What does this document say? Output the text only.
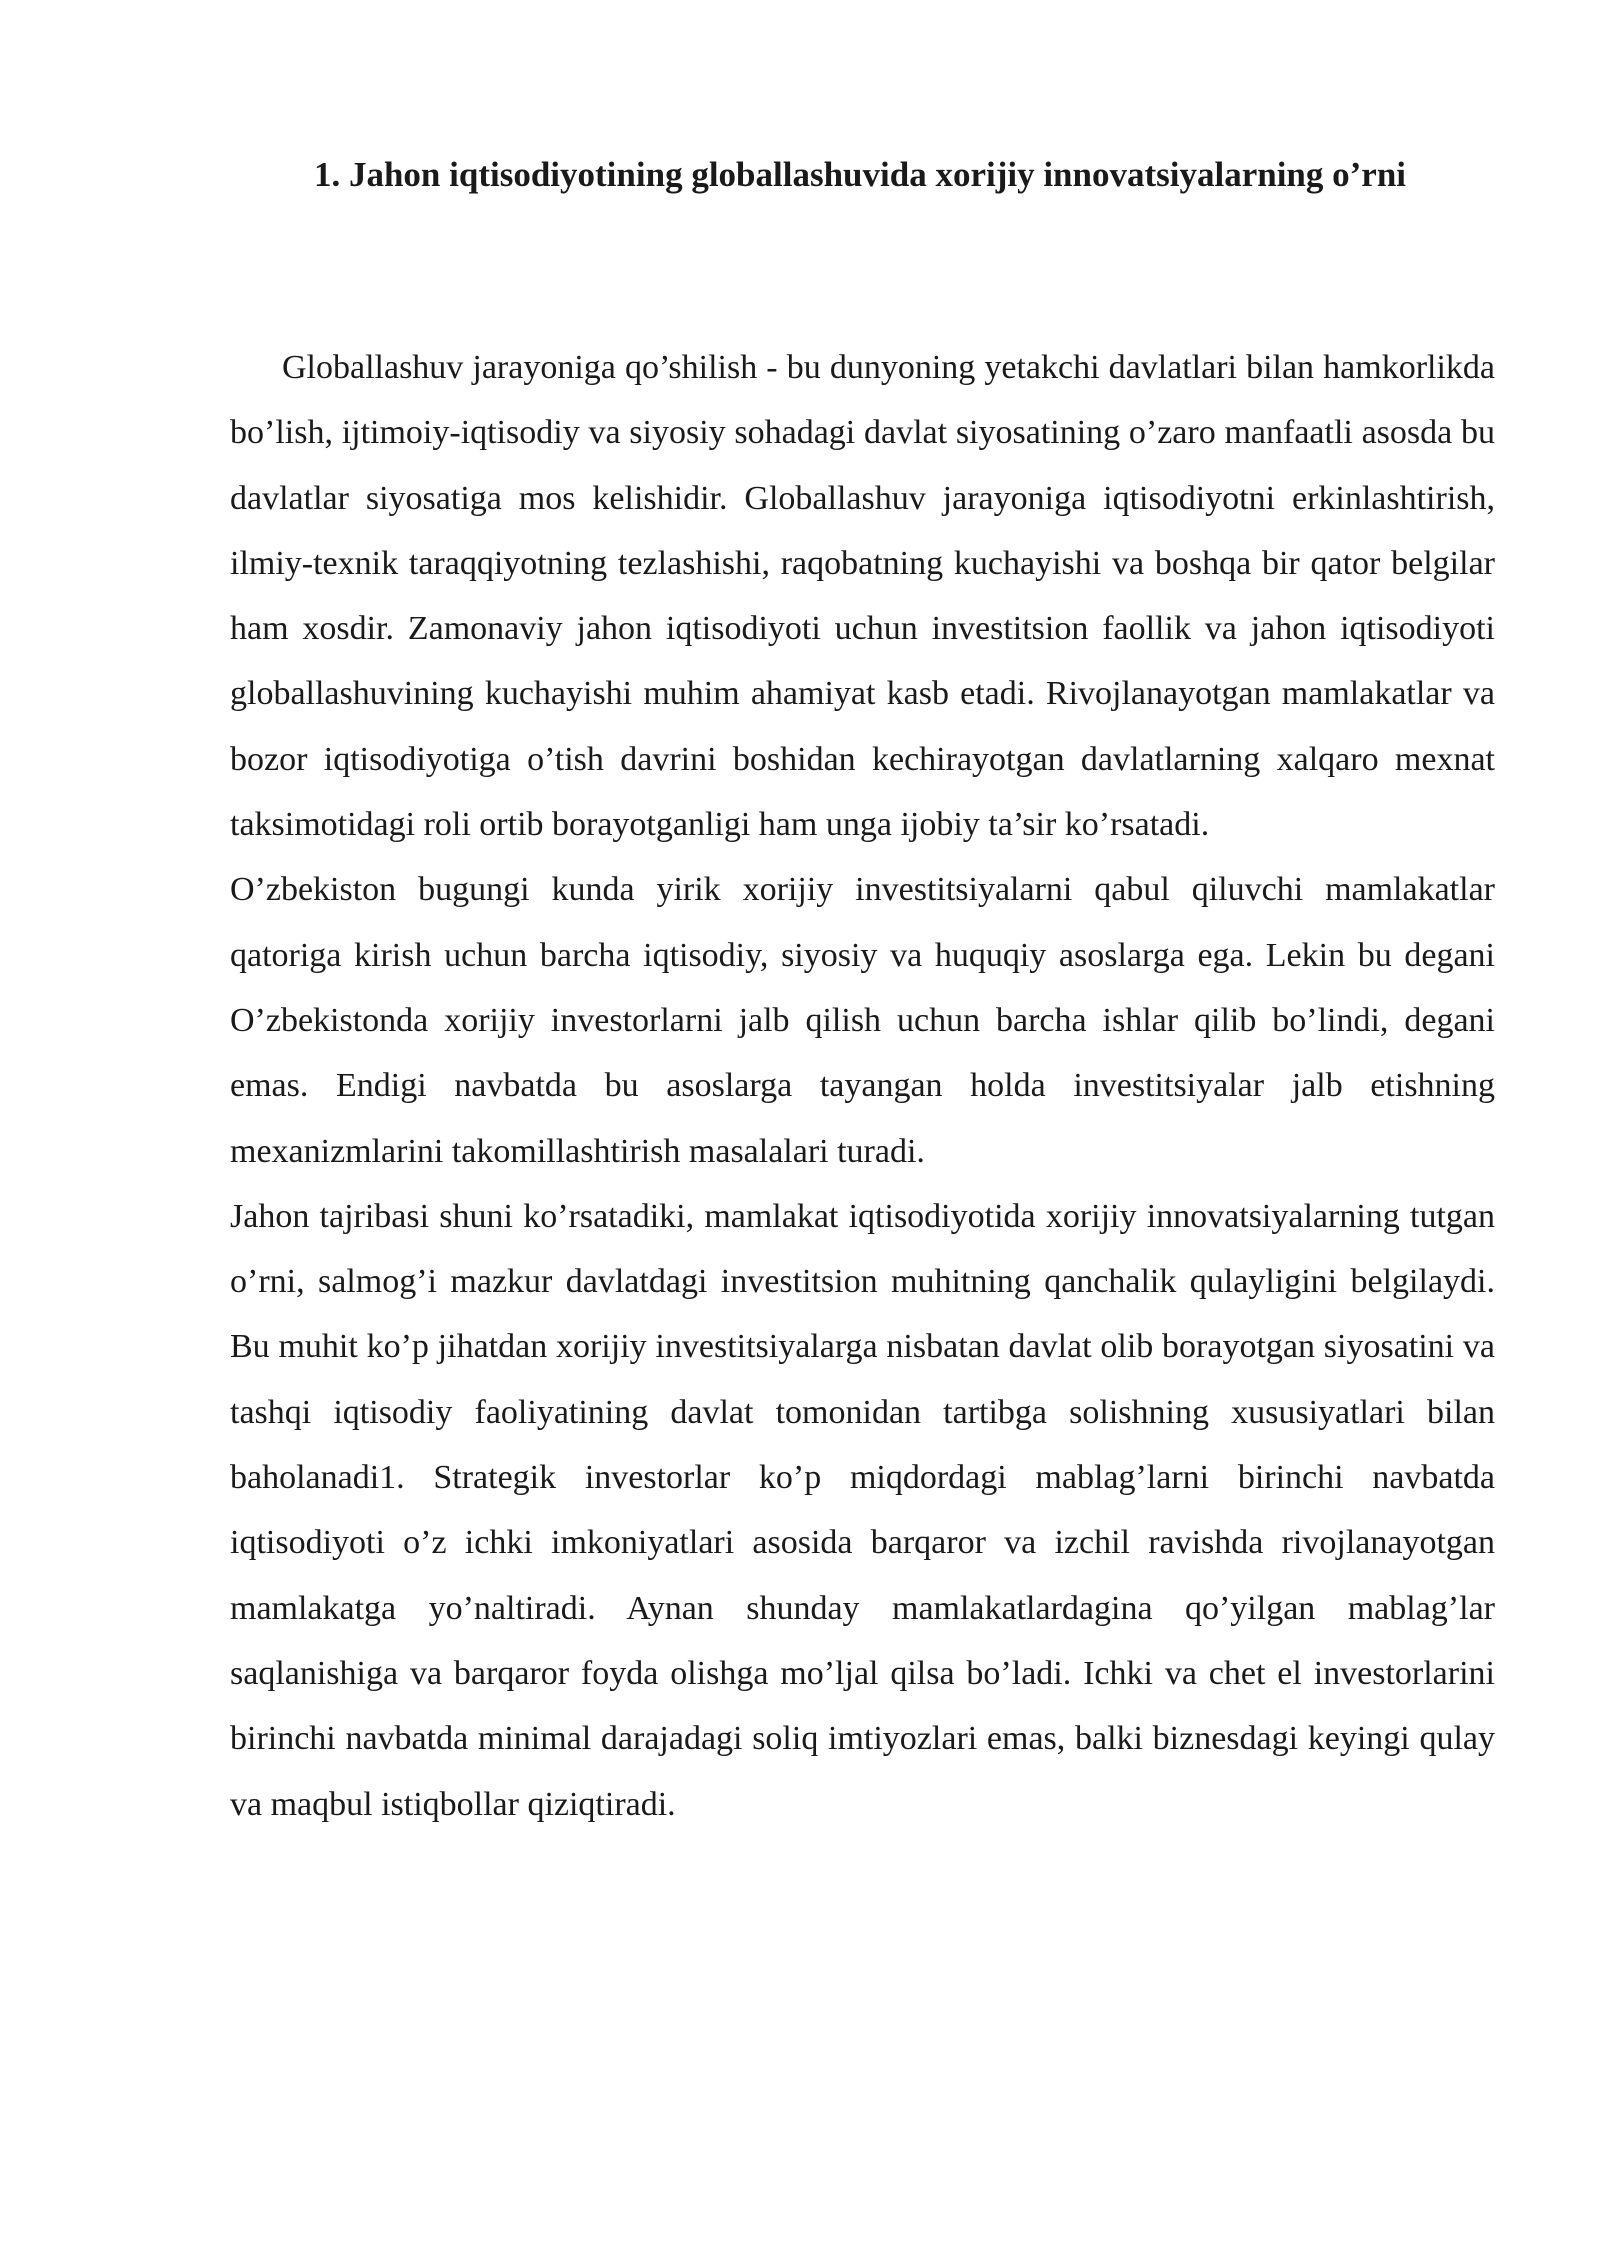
1. Jahon iqtisodiyotining globallashuvida xorijiy innovatsiyalarning o’rni

Globallashuv jarayoniga qo’shilish - bu dunyoning yetakchi davlatlari bilan hamkorlikda bo’lish, ijtimoiy-iqtisodiy va siyosiy sohadagi davlat siyosatining o’zaro manfaatli asosda bu davlatlar siyosatiga mos kelishidir. Globallashuv jarayoniga iqtisodiyotni erkinlashtirish, ilmiy-texnik taraqqiyotning tezlashishi, raqobatning kuchayishi va boshqa bir qator belgilar ham xosdir. Zamonaviy jahon iqtisodiyoti uchun investitsion faollik va jahon iqtisodiyoti globallashuvining kuchayishi muhim ahamiyat kasb etadi. Rivojlanayotgan mamlakatlar va bozor iqtisodiyotiga o’tish davrini boshidan kechirayotgan davlatlarning xalqaro mexnat taksimotidagi roli ortib borayotganligi ham unga ijobiy ta’sir ko’rsatadi.

O’zbekiston bugungi kunda yirik xorijiy investitsiyalarni qabul qiluvchi mamlakatlar qatoriga kirish uchun barcha iqtisodiy, siyosiy va huquqiy asoslarga ega. Lekin bu degani O’zbekistonda xorijiy investorlarni jalb qilish uchun barcha ishlar qilib bo’lindi, degani emas. Endigi navbatda bu asoslarga tayangan holda investitsiyalar jalb etishning mexanizmlarini takomillashtirish masalalari turadi.

Jahon tajribasi shuni ko’rsatadiki, mamlakat iqtisodiyotida xorijiy innovatsiyalarning tutgan o’rni, salmog’i mazkur davlatdagi investitsion muhitning qanchalik qulayligini belgilaydi. Bu muhit ko’p jihatdan xorijiy investitsiyalarga nisbatan davlat olib borayotgan siyosatini va tashqi iqtisodiy faoliyatining davlat tomonidan tartibga solishning xususiyatlari bilan baholanadi1. Strategik investorlar ko’p miqdordagi mablag’larni birinchi navbatda iqtisodiyoti o’z ichki imkoniyatlari asosida barqaror va izchil ravishda rivojlanayotgan mamlakatga yo’naltiradi. Aynan shunday mamlakatlardagina qo’yilgan mablag’lar saqlanishiga va barqaror foyda olishga mo’ljal qilsa bo’ladi. Ichki va chet el investorlarini birinchi navbatda minimal darajadagi soliq imtiyozlari emas, balki biznesdagi keyingi qulay va maqbul istiqbollar qiziqtiradi.
